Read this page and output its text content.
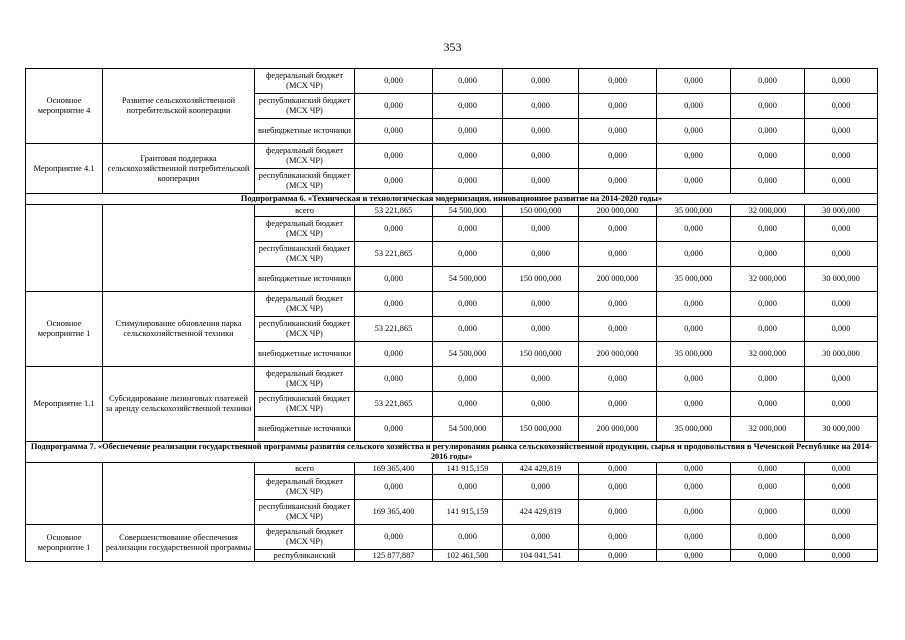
353
Основное мероприятие 4	Развитие сельскохозяйственной потребительской кооперации	федеральный бюджет (МСХ ЧР)	0,000	0,000	0,000	0,000	0,000	0,000	0,000
		республиканский бюджет (МСХ ЧР)	0,000	0,000	0,000	0,000	0,000	0,000	0,000
		внебюджетные источники	0,000	0,000	0,000	0,000	0,000	0,000	0,000
Мероприятие 4.1	Грантовая поддержка сельскохозяйственной потребительской кооперации	федеральный бюджет (МСХ ЧР)	0,000	0,000	0,000	0,000	0,000	0,000	0,000
		республиканский бюджет (МСХ ЧР)	0,000	0,000	0,000	0,000	0,000	0,000	0,000
Подпрограмма 6. «Техническая и технологическая модернизация, инновационное развитие на 2014-2020 годы»									
		всего	53 221,865	54 500,000	150 000,000	200 000,000	35 000,000	32 000,000	30 000,000
		федеральный бюджет (МСХ ЧР)	0,000	0,000	0,000	0,000	0,000	0,000	0,000
		республиканский бюджет (МСХ ЧР)	53 221,865	0,000	0,000	0,000	0,000	0,000	0,000
		внебюджетные источники	0,000	54 500,000	150 000,000	200 000,000	35 000,000	32 000,000	30 000,000
Основное мероприятие 1	Стимулирование обновления парка сельскохозяйственной техники	федеральный бюджет (МСХ ЧР)	0,000	0,000	0,000	0,000	0,000	0,000	0,000
		республиканский бюджет (МСХ ЧР)	53 221,865	0,000	0,000	0,000	0,000	0,000	0,000
		внебюджетные источники	0,000	54 500,000	150 000,000	200 000,000	35 000,000	32 000,000	30 000,000
Мероприятие 1.1	Субсидирование лизинговых платежей за аренду сельскохозяйственной техники	федеральный бюджет (МСХ ЧР)	0,000	0,000	0,000	0,000	0,000	0,000	0,000
		республиканский бюджет (МСХ ЧР)	53 221,865	0,000	0,000	0,000	0,000	0,000	0,000
		внебюджетные источники	0,000	54 500,000	150 000,000	200 000,000	35 000,000	32 000,000	30 000,000
Подпрограмма 7. «Обеспечение реализации государственной программы развития сельского хозяйства и регулирования рынка сельскохозяйственной продукции, сырья и продовольствия в Чеченской Республике на 2014-2016 годы»									
		всего	169 365,400	141 915,159	424 429,819	0,000	0,000	0,000	0,000
		федеральный бюджет (МСХ ЧР)	0,000	0,000	0,000	0,000	0,000	0,000	0,000
		республиканский бюджет (МСХ ЧР)	169 365,400	141 915,159	424 429,819	0,000	0,000	0,000	0,000
Основное мероприятие 1	Совершенствование обеспечения реализации государственной программы	федеральный бюджет (МСХ ЧР)	0,000	0,000	0,000	0,000	0,000	0,000	0,000
		республиканский	125 877,887	102 461,500	104 041,541	0,000	0,000	0,000	0,000
